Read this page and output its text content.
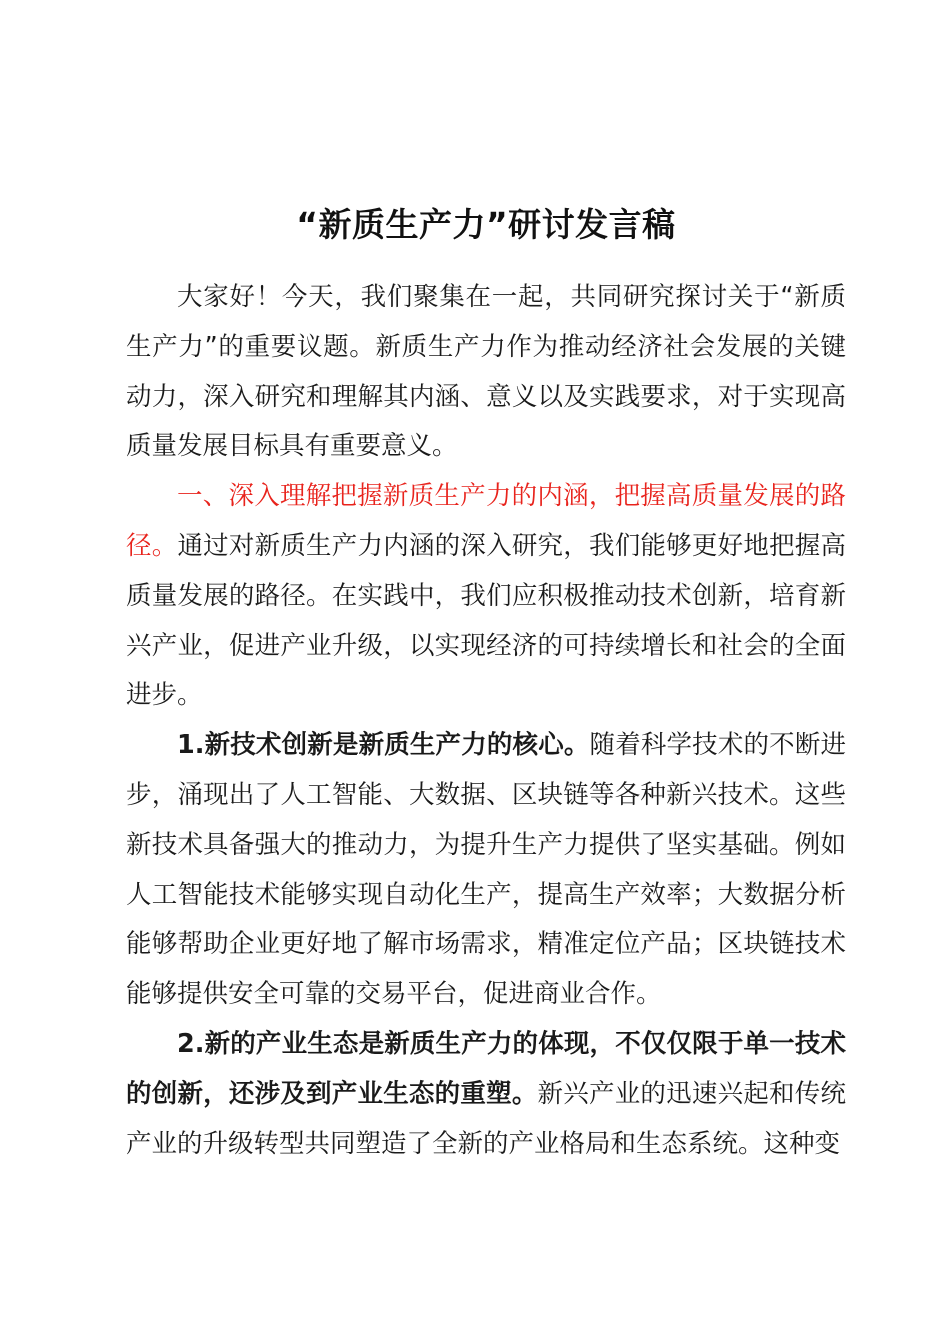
“新质生产力”研讨发言稿

大家好！今天，我们聚集在一起，共同研究探讨关于“新质生产力”的重要议题。新质生产力作为推动经济社会发展的关键动力，深入研究和理解其内涵、意义以及实践要求，对于实现高质量发展目标具有重要意义。

一、深入理解把握新质生产力的内涵，把握高质量发展的路径。通过对新质生产力内涵的深入研究，我们能够更好地把握高质量发展的路径。在实践中，我们应积极推动技术创新，培育新兴产业，促进产业升级，以实现经济的可持续增长和社会的全面进步。

1.新技术创新是新质生产力的核心。随着科学技术的不断进步，涌现出了人工智能、大数据、区块链等各种新兴技术。这些新技术具备强大的推动力，为提升生产力提供了坚实基础。例如人工智能技术能够实现自动化生产，提高生产效率；大数据分析能够帮助企业更好地了解市场需求，精准定位产品；区块链技术能够提供安全可靠的交易平台，促进商业合作。

2.新的产业生态是新质生产力的体现，不仅仅限于单一技术的创新，还涉及到产业生态的重塑。新兴产业的迅速兴起和传统产业的升级转型共同塑造了全新的产业格局和生态系统。这种变
